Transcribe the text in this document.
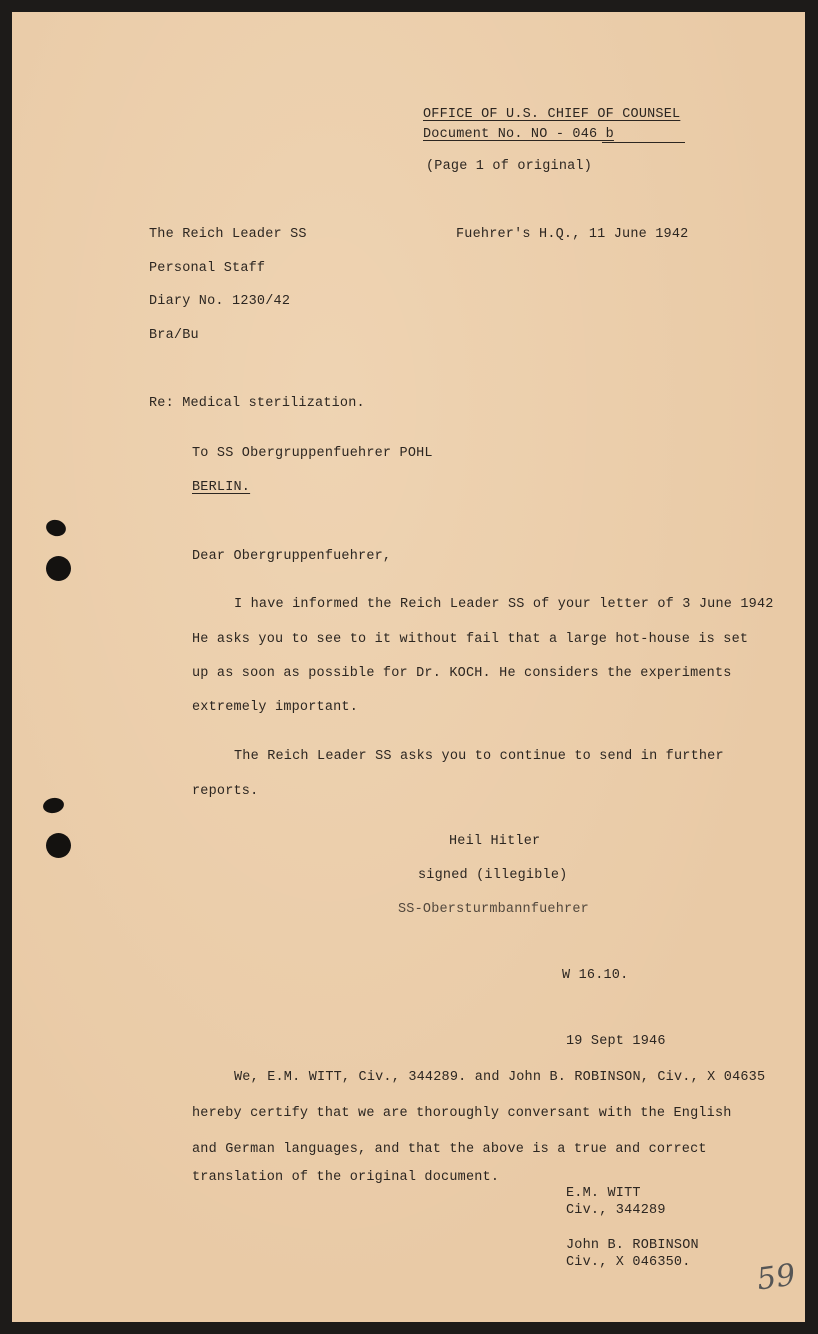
OFFICE OF U.S. CHIEF OF COUNSEL
Document No. NO - 046 b
(Page 1 of original)
The Reich Leader SS
Personal Staff
Diary No. 1230/42
Bra/Bu
Fuehrer's H.Q., 11 June 1942
Re: Medical sterilization.
To SS Obergruppenfuehrer POHL
BERLIN.
Dear Obergruppenfuehrer,
I have informed the Reich Leader SS of your letter of 3 June 1942
He asks you to see to it without fail that a large hot-house is set
up as soon as possible for Dr. KOCH. He considers the experiments
extremely important.
The Reich Leader SS asks you to continue to send in further
reports.
Heil Hitler
signed (illegible)
SS-Obersturmbannfuehrer
W 16.10.
19 Sept 1946
We, E.M. WITT, Civ., 344289. and John B. ROBINSON, Civ., X 04635
hereby certify that we are thoroughly conversant with the English
and German languages, and that the above is a true and correct
translation of the original document.
E.M. WITT
Civ., 344289
John B. ROBINSON
Civ., X 046350. 59
